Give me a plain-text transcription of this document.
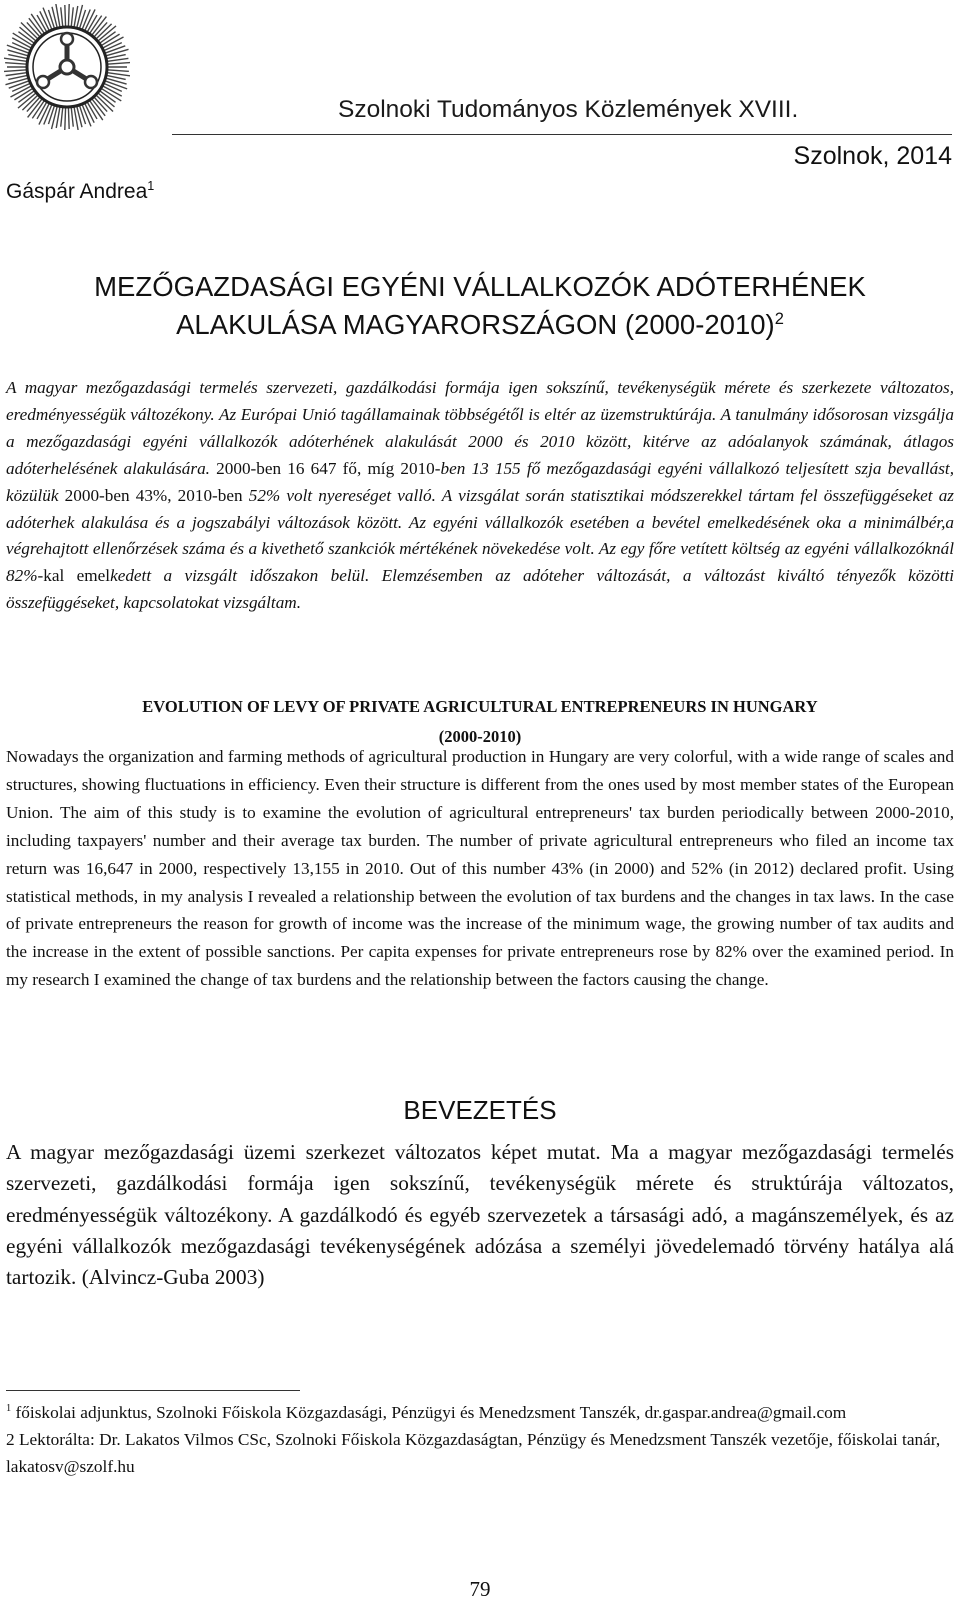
Szolnoki Tudományos Közlemények XVIII.
Szolnok, 2014
Gáspár Andrea$^1$
MEZŐGAZDASÁGI EGYÉNI VÁLLALKOZÓK ADÓTERHÉNEK
ALAKULÁSA MAGYARORSZÁGON (2000-2010)$^2$
A magyar mezőgazdasági termelés szervezeti, gazdálkodási formája igen sokszínű, tevékenységük mérete és szerkezete változatos, eredményességük változékony. Az Európai Unió tagállamainak többségétől is eltér az üzemstruktúrája. A tanulmány idősorosan vizsgálja a mezőgazdasági egyéni vállalkozók adóterhének alakulását 2000 és 2010 között, kitérve az adóalanyok számának, átlagos adóterhelésének alakulására. 2000-ben 16 647 fő, míg 2010-ben 13 155 fő mezőgazdasági egyéni vállalkozó teljesített szja bevallást, közülük 2000-ben 43%, 2010-ben 52% volt nyereséget valló. A vizsgálat során statisztikai módszerekkel tártam fel összefüggéseket az adóterhek alakulása és a jogszabályi változások között. Az egyéni vállalkozók esetében a bevétel emelkedésének oka a minimálbér,a végrehajtott ellenőrzések száma és a kivethető szankciók mértékének növekedése volt. Az egy főre vetített költség az egyéni vállalkozóknál 82%-kal emelkedett a vizsgált időszakon belül. Elemzésemben az adóteher változását, a változást kiváltó tényezők közötti összefüggéseket, kapcsolatokat vizsgáltam.
EVOLUTION OF LEVY OF PRIVATE AGRICULTURAL ENTREPRENEURS IN HUNGARY
(2000-2010)
Nowadays the organization and farming methods of agricultural production in Hungary are very colorful, with a wide range of scales and structures, showing fluctuations in efficiency. Even their structure is different from the ones used by most member states of the European Union. The aim of this study is to examine the evolution of agricultural entrepreneurs' tax burden periodically between 2000-2010, including taxpayers' number and their average tax burden. The number of private agricultural entrepreneurs who filed an income tax return was 16,647 in 2000, respectively 13,155 in 2010. Out of this number 43% (in 2000) and 52% (in 2012) declared profit. Using statistical methods, in my analysis I revealed a relationship between the evolution of tax burdens and the changes in tax laws. In the case of private entrepreneurs the reason for growth of income was the increase of the minimum wage, the growing number of tax audits and the increase in the extent of possible sanctions. Per capita expenses for private entrepreneurs rose by 82% over the examined period. In my research I examined the change of tax burdens and the relationship between the factors causing the change.
BEVEZETÉS
A magyar mezőgazdasági üzemi szerkezet változatos képet mutat. Ma a magyar mezőgazdasági termelés szervezeti, gazdálkodási formája igen sokszínű, tevékenységük mérete és struktúrája változatos, eredményességük változékony. A gazdálkodó és egyéb szervezetek a társasági adó, a magánszemélyek, és az egyéni vállalkozók mezőgazdasági tevékenységének adózása a személyi jövedelemadó törvény hatálya alá tartozik. (Alvincz-Guba 2003)
$^1$ főiskolai adjunktus, Szolnoki Főiskola Közgazdasági, Pénzügyi és Menedzsment Tanszék, dr.gaspar.andrea@gmail.com
2 Lektorálta: Dr. Lakatos Vilmos CSc, Szolnoki Főiskola Közgazdaságtan, Pénzügy és Menedzsment Tanszék vezetője, főiskolai tanár, lakatosv@szolf.hu
79
